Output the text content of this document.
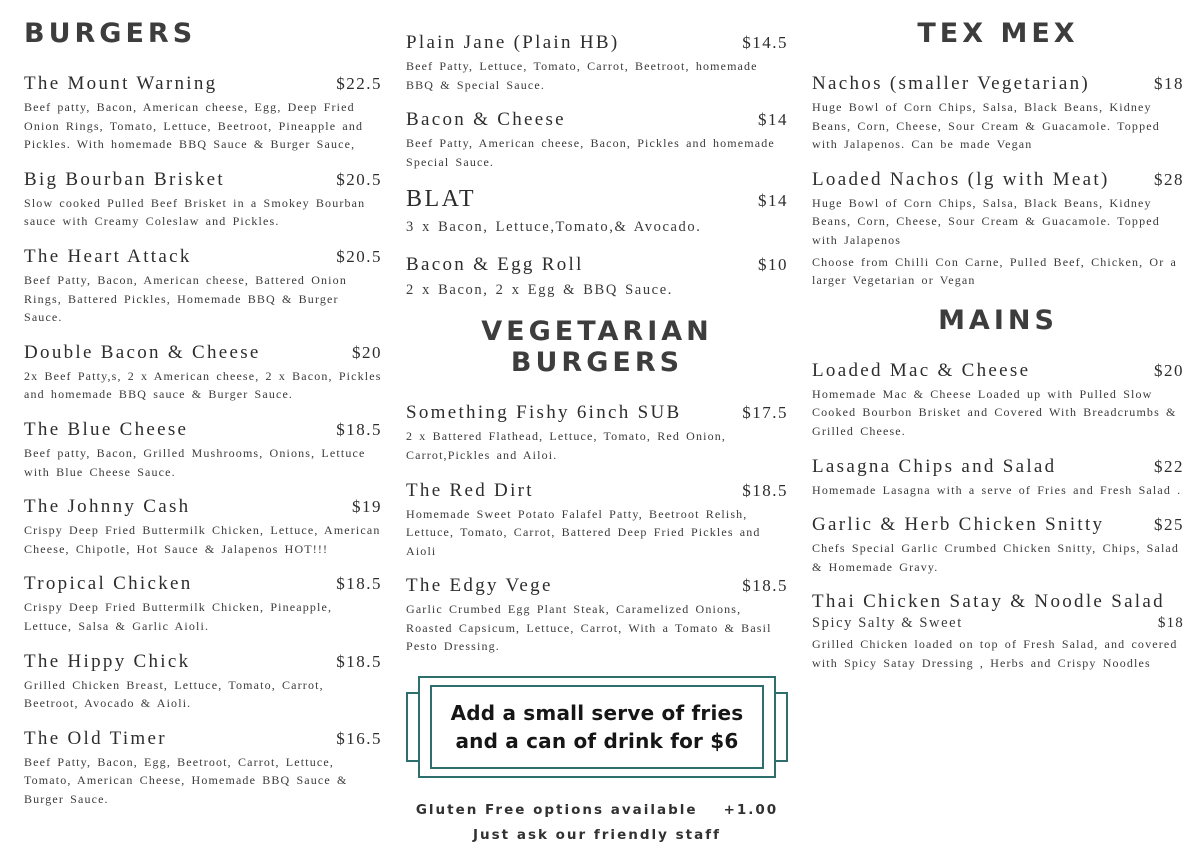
BURGERS
The Mount Warning	$22.5
Beef patty, Bacon, American cheese, Egg, Deep Fried Onion Rings, Tomato, Lettuce, Beetroot, Pineapple and Pickles. With homemade BBQ Sauce & Burger Sauce,
Big Bourban Brisket	$20.5
Slow cooked Pulled Beef Brisket in a Smokey Bourban sauce with Creamy Coleslaw and Pickles.
The Heart Attack	$20.5
Beef Patty, Bacon, American cheese, Battered Onion Rings, Battered Pickles, Homemade BBQ & Burger Sauce.
Double Bacon & Cheese	$20
2x Beef Patty,s, 2 x American cheese, 2 x Bacon, Pickles and homemade BBQ sauce & Burger Sauce.
The Blue Cheese	$18.5
Beef patty, Bacon, Grilled Mushrooms, Onions, Lettuce with Blue Cheese Sauce.
The Johnny Cash	$19
Crispy Deep Fried Buttermilk Chicken, Lettuce, American Cheese, Chipotle, Hot Sauce & Jalapenos HOT!!!
Tropical Chicken	$18.5
Crispy Deep Fried Buttermilk Chicken, Pineapple, Lettuce, Salsa & Garlic Aioli.
The Hippy Chick	$18.5
Grilled Chicken Breast, Lettuce, Tomato, Carrot, Beetroot, Avocado & Aioli.
The Old Timer	$16.5
Beef Patty, Bacon, Egg, Beetroot, Carrot, Lettuce, Tomato, American Cheese, Homemade BBQ Sauce & Burger Sauce.
Plain Jane (Plain HB)	$14.5
Beef Patty, Lettuce, Tomato, Carrot, Beetroot, homemade BBQ & Special Sauce.
Bacon & Cheese	$14
Beef Patty, American cheese, Bacon, Pickles and homemade Special Sauce.
BLAT	$14
3 x Bacon, Lettuce,Tomato,& Avocado.
Bacon & Egg Roll	$10
2 x Bacon, 2 x Egg & BBQ Sauce.
VEGETARIAN BURGERS
Something Fishy 6inch SUB	$17.5
2 x Battered Flathead, Lettuce, Tomato, Red Onion, Carrot,Pickles and Ailoi.
The Red Dirt	$18.5
Homemade Sweet Potato Falafel Patty, Beetroot Relish, Lettuce, Tomato, Carrot, Battered Deep Fried Pickles and Aioli
The Edgy Vege	$18.5
Garlic Crumbed Egg Plant Steak, Caramelized Onions, Roasted Capsicum, Lettuce, Carrot, With a Tomato & Basil Pesto Dressing.
Add a small serve of fries
and a can of drink for $6
Gluten Free options available +1.00
Just ask our friendly staff
TEX MEX
Nachos (smaller Vegetarian)	$18
Huge Bowl of Corn Chips, Salsa, Black Beans, Kidney Beans, Corn, Cheese, Sour Cream & Guacamole. Topped with Jalapenos. Can be made Vegan
Loaded Nachos (lg with Meat)	$28
Huge Bowl of Corn Chips, Salsa, Black Beans, Kidney Beans, Corn, Cheese, Sour Cream & Guacamole. Topped with Jalapenos
Choose from Chilli Con Carne, Pulled Beef, Chicken, Or a larger Vegetarian or Vegan
MAINS
Loaded Mac & Cheese	$20
Homemade Mac & Cheese Loaded up with Pulled Slow Cooked Bourbon Brisket and Covered With Breadcrumbs & Grilled Cheese.
Lasagna Chips and Salad	$22
Homemade Lasagna with a serve of Fries and Fresh Salad .
Garlic & Herb Chicken Snitty	$25
Chefs Special Garlic Crumbed Chicken Snitty, Chips, Salad & Homemade Gravy.
Thai Chicken Satay & Noodle Salad
Spicy Salty & Sweet	$18
Grilled Chicken loaded on top of Fresh Salad, and covered with Spicy Satay Dressing , Herbs and Crispy Noodles
